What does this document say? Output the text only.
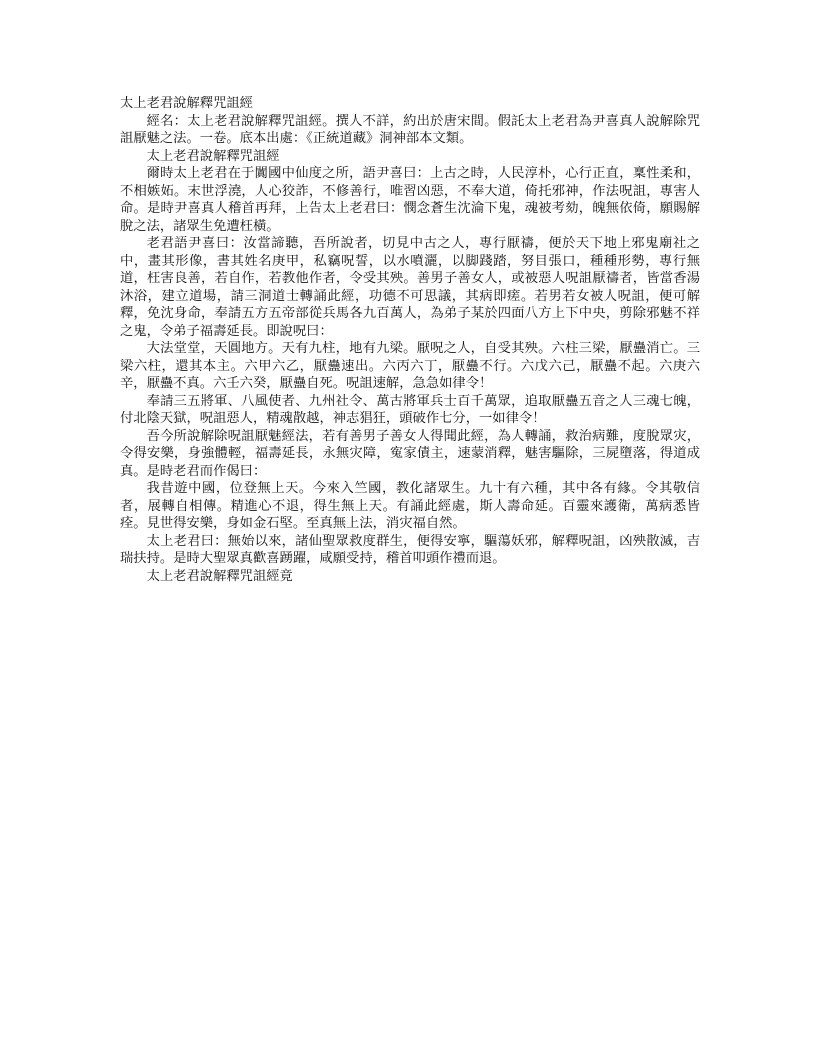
太上老君說解釋咒詛經

經名：太上老君說解釋咒詛經。撰人不詳，約出於唐宋間。假託太上老君為尹喜真人說解除咒詛厭魅之法。一卷。底本出處：《正統道藏》洞神部本文類。

太上老君說解釋咒詛經

爾時太上老君在于闐國中仙度之所，語尹喜曰：上古之時，人民淳朴，心行正直，稟性柔和，不相嫉妬。末世浮澆，人心狡詐，不修善行，唯習凶惡，不奉大道，倚托邪神，作法呪詛，專害人命。是時尹喜真人稽首再拜，上告太上老君曰：憫念蒼生沈淪下鬼，魂被考劾，魄無依倚，願賜解脫之法，諸眾生免遭枉橫。

老君語尹喜曰：汝當諦聽，吾所說者，切見中古之人，專行厭禱，便於天下地上邪鬼廟社之中，畫其形像，書其姓名庚甲，私竊呪誓，以水噴灑，以脚踐踏，努目張口，種種形勢，專行無道，枉害良善，若自作，若教他作者，令受其殃。善男子善女人，或被惡人呪詛厭禱者，皆當香湯沐浴，建立道場，請三洞道士轉誦此經，功德不可思議，其病即瘥。若男若女被人呪詛，便可解釋，免沈身命，奉請五方五帝部從兵馬各九百萬人，為弟子某於四面八方上下中央，剪除邪魅不祥之鬼，令弟子福壽延長。即說呪曰：

大法堂堂，天圓地方。天有九柱，地有九梁。厭呪之人，自受其殃。六柱三梁，厭蠱消亡。三梁六柱，還其本主。六甲六乙，厭蠱速出。六丙六丁，厭蠱不行。六戊六己，厭蠱不起。六庚六辛，厭蠱不真。六壬六癸，厭蠱自死。呪詛速解，急急如律令！

奉請三五將軍、八風使者、九州社令、萬古將軍兵士百千萬眾，追取厭蠱五音之人三魂七魄，付北陰天獄，呪詛惡人，精魂散越，神志猖狂，頭破作七分，一如律令！

吾今所說解除呪詛厭魅經法，若有善男子善女人得聞此經，為人轉誦，救治病難，度脫眾灾，令得安樂，身強體輕，福壽延長，永無灾障，寃家債主，速蒙消釋，魅害驅除，三屍墮落，得道成真。是時老君而作偈曰：

我昔遊中國，位登無上天。今來入竺國，教化諸眾生。九十有六種，其中各有緣。令其敬信者，展轉自相傳。精進心不退，得生無上天。有誦此經處，斯人壽命延。百靈來護衛，萬病悉皆痊。見世得安樂，身如金石堅。至真無上法，消灾福自然。

太上老君曰：無始以來，諸仙聖眾救度群生，便得安寧，驅蕩妖邪，解釋呪詛，凶殃散滅，吉瑞扶持。是時大聖眾真歡喜踴躍，咸願受持，稽首叩頭作禮而退。

太上老君說解釋咒詛經竟
